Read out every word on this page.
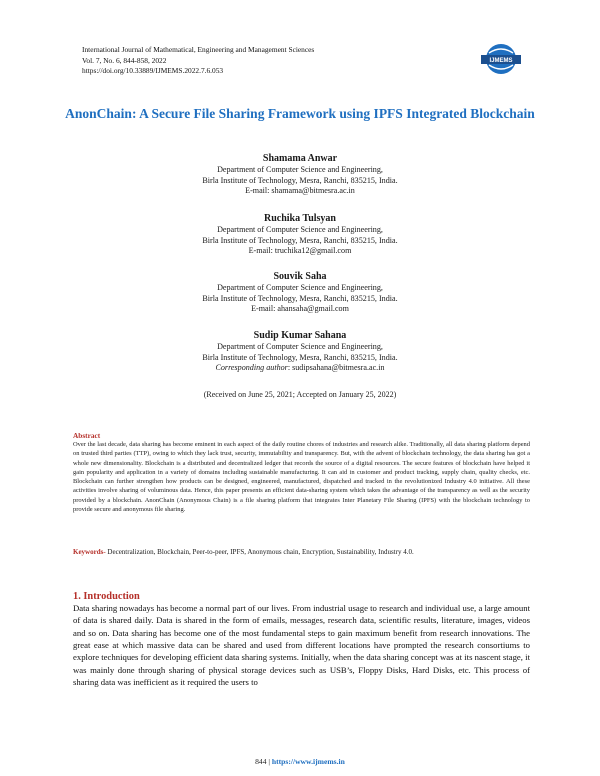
International Journal of Mathematical, Engineering and Management Sciences
Vol. 7, No. 6, 844-858, 2022
https://doi.org/10.33889/IJMEMS.2022.7.6.053
IJMEMS
AnonChain: A Secure File Sharing Framework using IPFS Integrated Blockchain
Shamama Anwar
Department of Computer Science and Engineering,
Birla Institute of Technology, Mesra, Ranchi, 835215, India.
E-mail: shamama@bitmesra.ac.in
Ruchika Tulsyan
Department of Computer Science and Engineering,
Birla Institute of Technology, Mesra, Ranchi, 835215, India.
E-mail: truchika12@gmail.com
Souvik Saha
Department of Computer Science and Engineering,
Birla Institute of Technology, Mesra, Ranchi, 835215, India.
E-mail: ahansaha@gmail.com
Sudip Kumar Sahana
Department of Computer Science and Engineering,
Birla Institute of Technology, Mesra, Ranchi, 835215, India.
Corresponding author: sudipsahana@bitmesra.ac.in
(Received on June 25, 2021; Accepted on January 25, 2022)
Abstract

Over the last decade, data sharing has become eminent in each aspect of the daily routine chores of industries and research alike. Traditionally, all data sharing platform depend on trusted third parties (TTP), owing to which they lack trust, security, immutability and transparency. But, with the advent of blockchain technology, the data sharing has got a whole new dimensionality. Blockchain is a distributed and decentralized ledger that records the source of a digital resources. The secure features of blockchain have helped it gain popularity and application in a variety of domains including sustainable manufacturing. It can aid in customer and product tracking, supply chain, quality checks, etc. Blockchain can further strengthen how products can be designed, engineered, manufactured, dispatched and tracked in the revolutionized Industry 4.0 initiative. All these activities involve sharing of voluminous data. Hence, this paper presents an efficient data-sharing system which takes the advantage of the transparency as well as the security provided by a blockchain. AnonChain (Anonymous Chain) is a file sharing platform that integrates Inter Planetary File Sharing (IPFS) with the blockchain technology to provide secure and anonymous file sharing.

Keywords- Decentralization, Blockchain, Peer-to-peer, IPFS, Anonymous chain, Encryption, Sustainability, Industry 4.0.
1. Introduction

Data sharing nowadays has become a normal part of our lives. From industrial usage to research and individual use, a large amount of data is shared daily. Data is shared in the form of emails, messages, research data, scientific results, literature, images, videos and so on. Data sharing has become one of the most fundamental steps to gain maximum benefit from research innovations. The great ease at which massive data can be shared and used from different locations have prompted the research consortiums to explore techniques for developing efficient data sharing systems. Initially, when the data sharing concept was at its nascent stage, it was mainly done through sharing of physical storage devices such as USB’s, Floppy Disks, Hard Disks, etc. This process of sharing data was inefficient as it required the users to

844 | https://www.ijmems.in
